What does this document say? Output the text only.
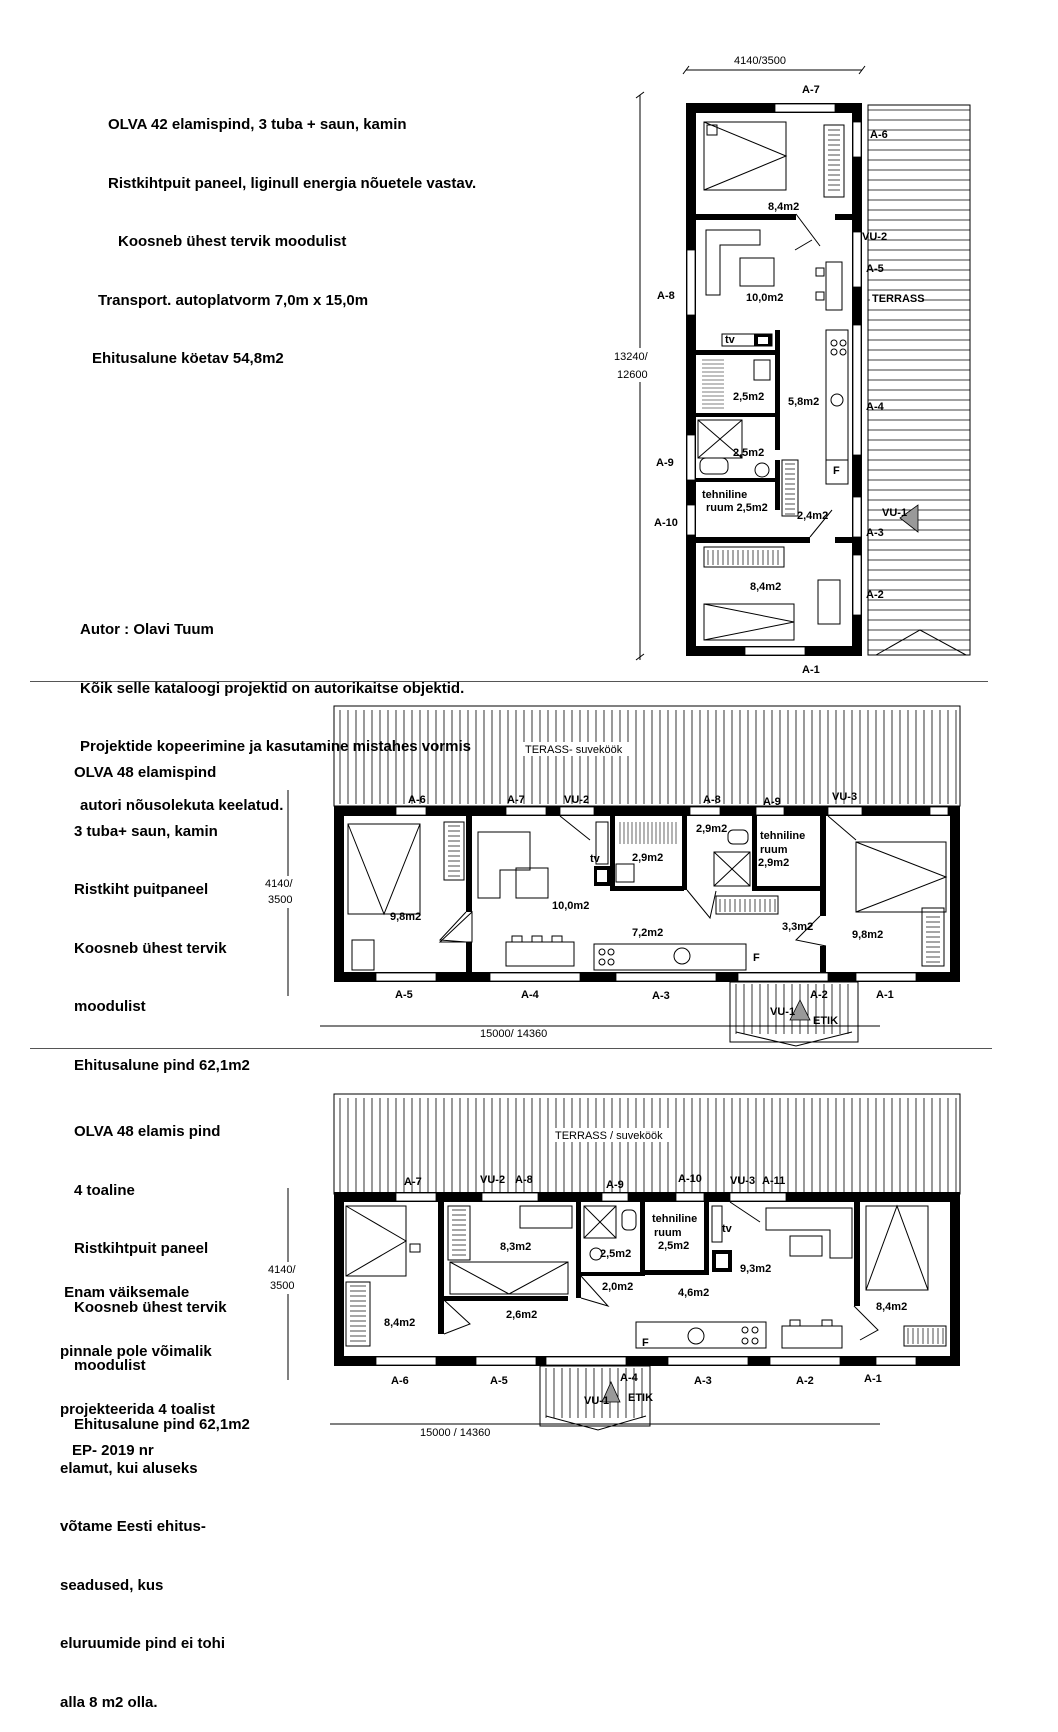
OLVA 42 elamispind, 3 tuba + saun, kamin

Ristkihtpuit paneel, liginull energia nõuetele vastav.

Koosneb ühest tervik moodulist

Transport. autoplatvorm 7,0m x 15,0m

Ehitusalune köetav 54,8m2

Autor : Olavi Tuum

Kõik selle kataloogi projektid on autorikaitse objektid.

Projektide kopeerimine ja kasutamine mistahes vormis

autori nõusolekuta keelatud.

OLVA 48 elamispind

3 tuba+ saun, kamin

Ristkiht puitpaneel

Koosneb ühest tervik

moodulist

Ehitusalune pind 62,1m2

OLVA 48 elamis pind

4 toaline

Ristkihtpuit paneel

Koosneb ühest tervik

moodulist

Ehitusalune pind 62,1m2

Enam väiksemale

pinnale pole võimalik

projekteerida 4 toalist

elamut, kui aluseks

võtame Eesti ehitus-

seadused, kus

eluruumide pind ei tohi

alla 8 m2 olla.

EP- 2019 nr
TERRASS
4140/3500
13240/
12600
A-7
A-6
VU-2
A-5
A-8
A-4
A-9
A-10
VU-1
A-3
A-2
A-1
8,4m2
10,0m2
tv
2,5m2 5,8m2
2,5m2
F
tehniline
ruum 2,5m2
2,4m2
8,4m2
TERASS- suveköök
4140/
3500
15000/ 14360
A-6	A-7	VU-2	A-8	A-9	VU-3
A-5	A-4	A-3	A-2	A-1
VU-1
ETIK
9,8m2
10,0m2
tv	2,9m2
2,9m2
tehniline
ruum
2,9m2
7,2m2	3,3m2
F
9,8m2
TERRASS / suveköök
4140/
3500
15000 / 14360
A-7	VU-2 A-8	A-9	A-10	VU-3 A-11
A-6	A-5	A-4	A-3	A-2	A-1
VU-1 ETIK
8,4m2
8,3m2
2,5m2
tehniline
ruum
2,5m2
tv
9,3m2
2,0m2	4,6m2
2,6m2
F
8,4m2
